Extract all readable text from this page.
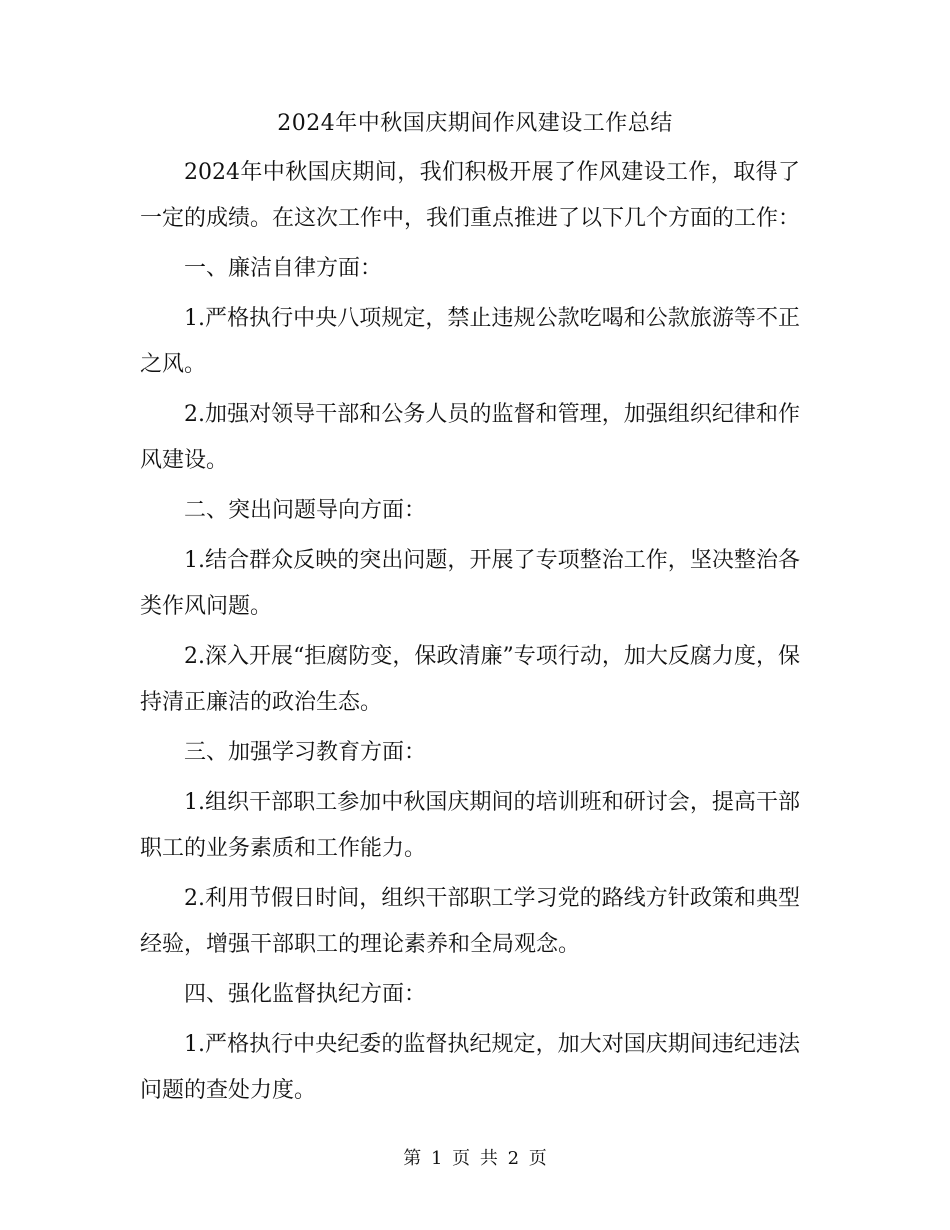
2024年中秋国庆期间作风建设工作总结

2024年中秋国庆期间，我们积极开展了作风建设工作，取得了一定的成绩。在这次工作中，我们重点推进了以下几个方面的工作：

一、廉洁自律方面：

1.严格执行中央八项规定，禁止违规公款吃喝和公款旅游等不正之风。

2.加强对领导干部和公务人员的监督和管理，加强组织纪律和作风建设。

二、突出问题导向方面：

1.结合群众反映的突出问题，开展了专项整治工作，坚决整治各类作风问题。

2.深入开展“拒腐防变，保政清廉”专项行动，加大反腐力度，保持清正廉洁的政治生态。

三、加强学习教育方面：

1.组织干部职工参加中秋国庆期间的培训班和研讨会，提高干部职工的业务素质和工作能力。

2.利用节假日时间，组织干部职工学习党的路线方针政策和典型经验，增强干部职工的理论素养和全局观念。

四、强化监督执纪方面：

1.严格执行中央纪委的监督执纪规定，加大对国庆期间违纪违法问题的查处力度。

第 1 页 共 2 页
